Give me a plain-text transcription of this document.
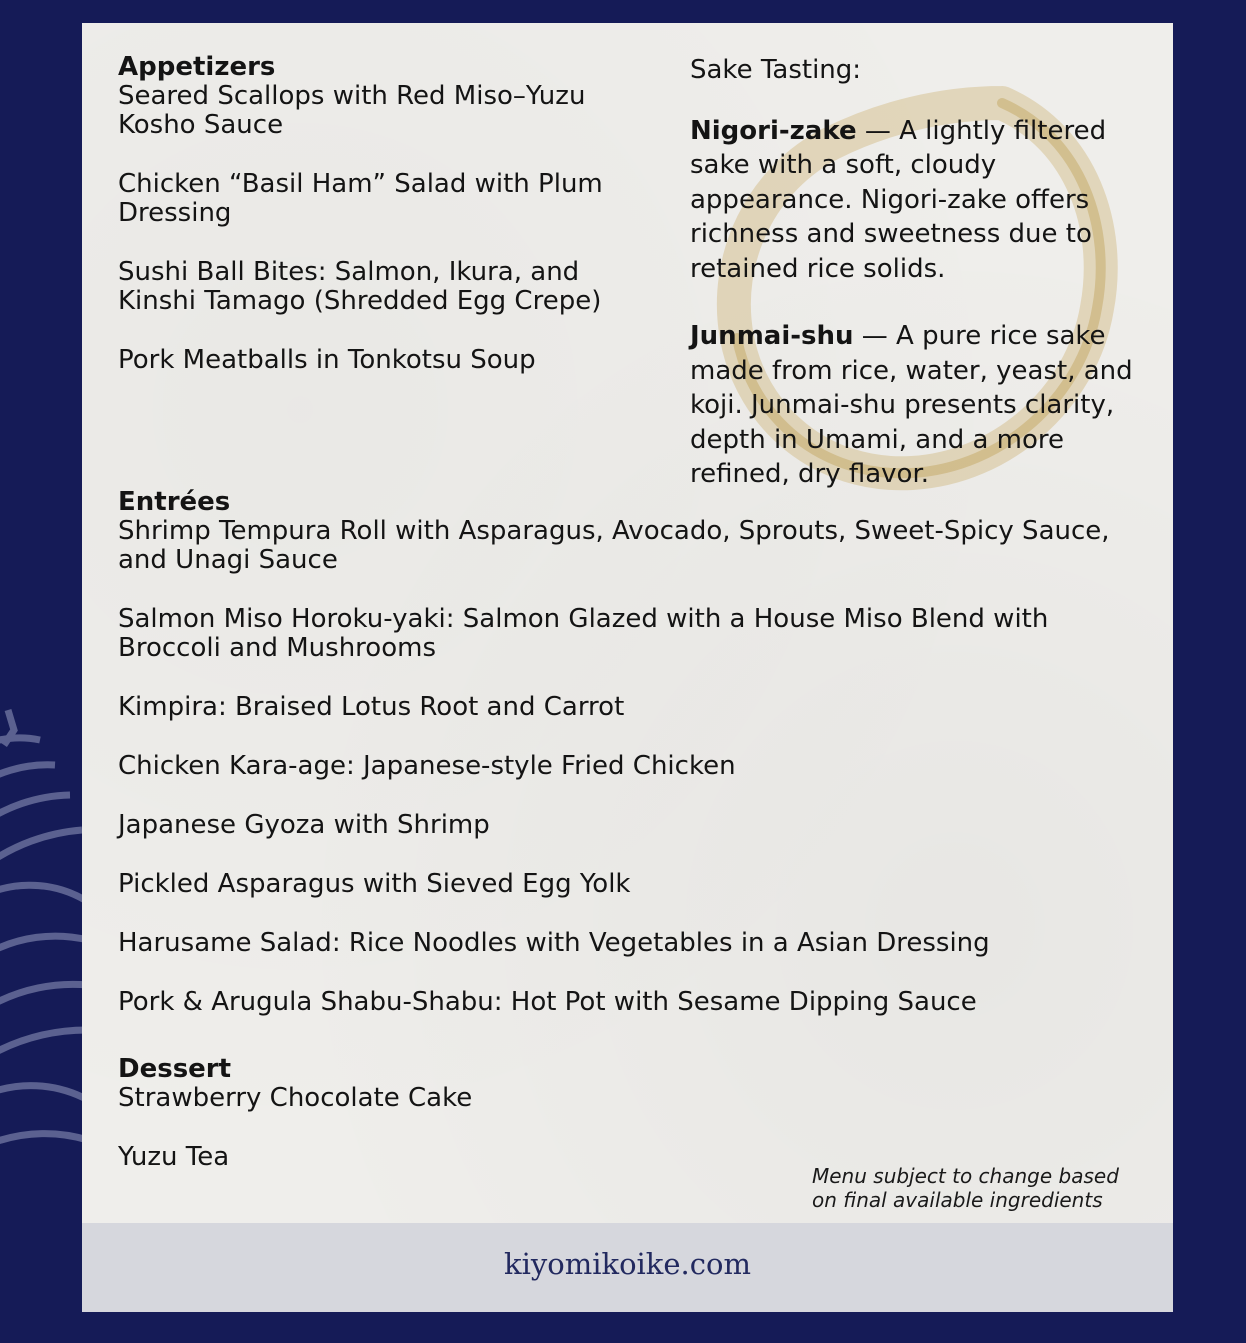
Appetizers

Seared Scallops with Red Miso–Yuzu Kosho Sauce

Chicken “Basil Ham” Salad with Plum Dressing

Sushi Ball Bites: Salmon, Ikura, and Kinshi Tamago (Shredded Egg Crepe)

Pork Meatballs in Tonkotsu Soup

Sake Tasting:

Nigori-zake — A lightly filtered sake with a soft, cloudy appearance. Nigori-zake offers richness and sweetness due to retained rice solids.

Junmai-shu — A pure rice sake made from rice, water, yeast, and koji. Junmai-shu presents clarity, depth in Umami, and a more refined, dry flavor.

Entrées

Shrimp Tempura Roll with Asparagus, Avocado, Sprouts, Sweet-Spicy Sauce, and Unagi Sauce

Salmon Miso Horoku-yaki: Salmon Glazed with a House Miso Blend with Broccoli and Mushrooms

Kimpira: Braised Lotus Root and Carrot

Chicken Kara-age: Japanese-style Fried Chicken

Japanese Gyoza with Shrimp

Pickled Asparagus with Sieved Egg Yolk

Harusame Salad: Rice Noodles with Vegetables in a Asian Dressing

Pork & Arugula Shabu-Shabu: Hot Pot with Sesame Dipping Sauce

Dessert

Strawberry Chocolate Cake

Yuzu Tea

Menu subject to change based
on final available ingredients
kiyomikoike.com
